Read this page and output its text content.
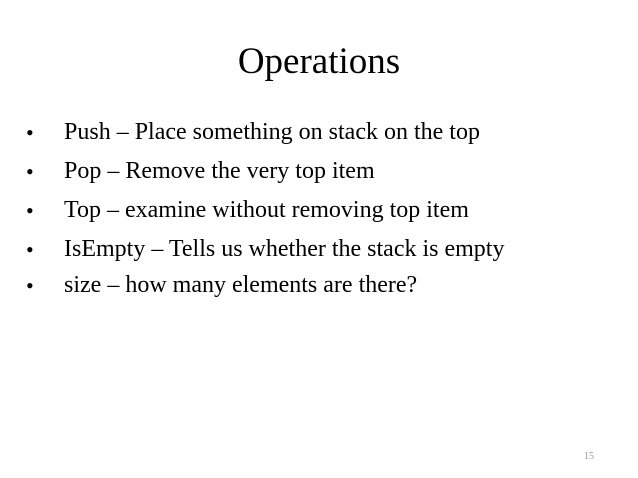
Operations
•	Push – Place something on stack on the top
•	Pop – Remove the very top item
•	Top – examine without removing top item
•	IsEmpty – Tells us whether the stack is empty
•	size – how many elements are there?
15
